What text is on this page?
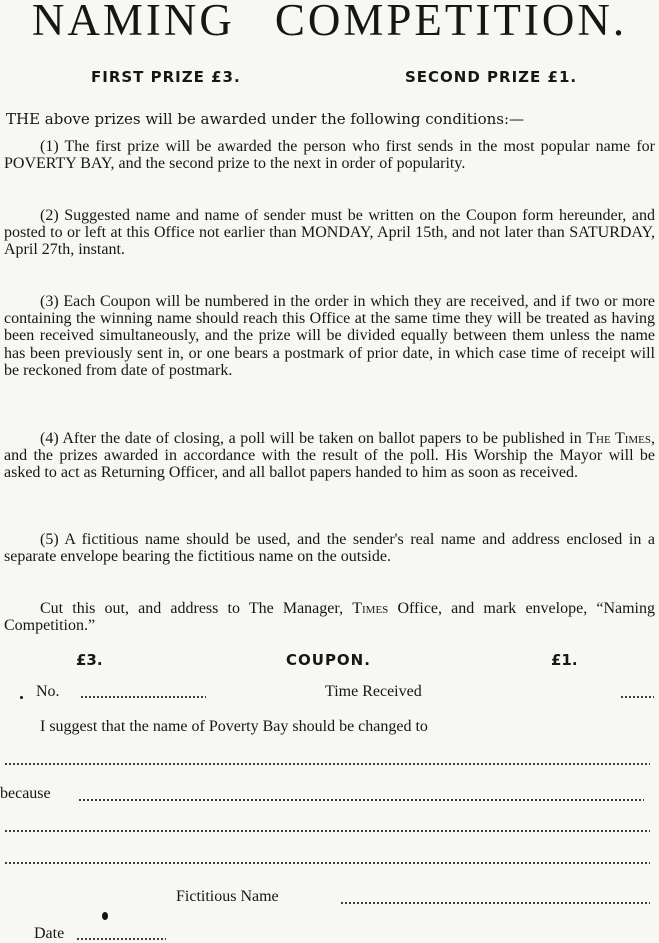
NAMING COMPETITION.
FIRST PRIZE £3.	SECOND PRIZE £1.
THE above prizes will be awarded under the following conditions:—
(1) The first prize will be awarded the person who first sends in the most popular name for POVERTY BAY, and the second prize to the next in order of popularity.
(2) Suggested name and name of sender must be written on the Coupon form hereunder, and posted to or left at this Office not earlier than MONDAY, April 15th, and not later than SATURDAY, April 27th, instant.
(3) Each Coupon will be numbered in the order in which they are received, and if two or more containing the winning name should reach this Office at the same time they will be treated as having been received simultaneously, and the prize will be divided equally between them unless the name has been previously sent in, or one bears a postmark of prior date, in which case time of receipt will be reckoned from date of postmark.
(4) After the date of closing, a poll will be taken on ballot papers to be published in The Times, and the prizes awarded in accordance with the result of the poll. His Worship the Mayor will be asked to act as Returning Officer, and all ballot papers handed to him as soon as received.
(5) A fictitious name should be used, and the sender's real name and address enclosed in a separate envelope bearing the fictitious name on the outside.
Cut this out, and address to The Manager, Times Office, and mark envelope, “Naming Competition.”
£3.	COUPON.	£1.
No.	Time Received
I suggest that the name of Poverty Bay should be changed to
because
Fictitious Name
Date
